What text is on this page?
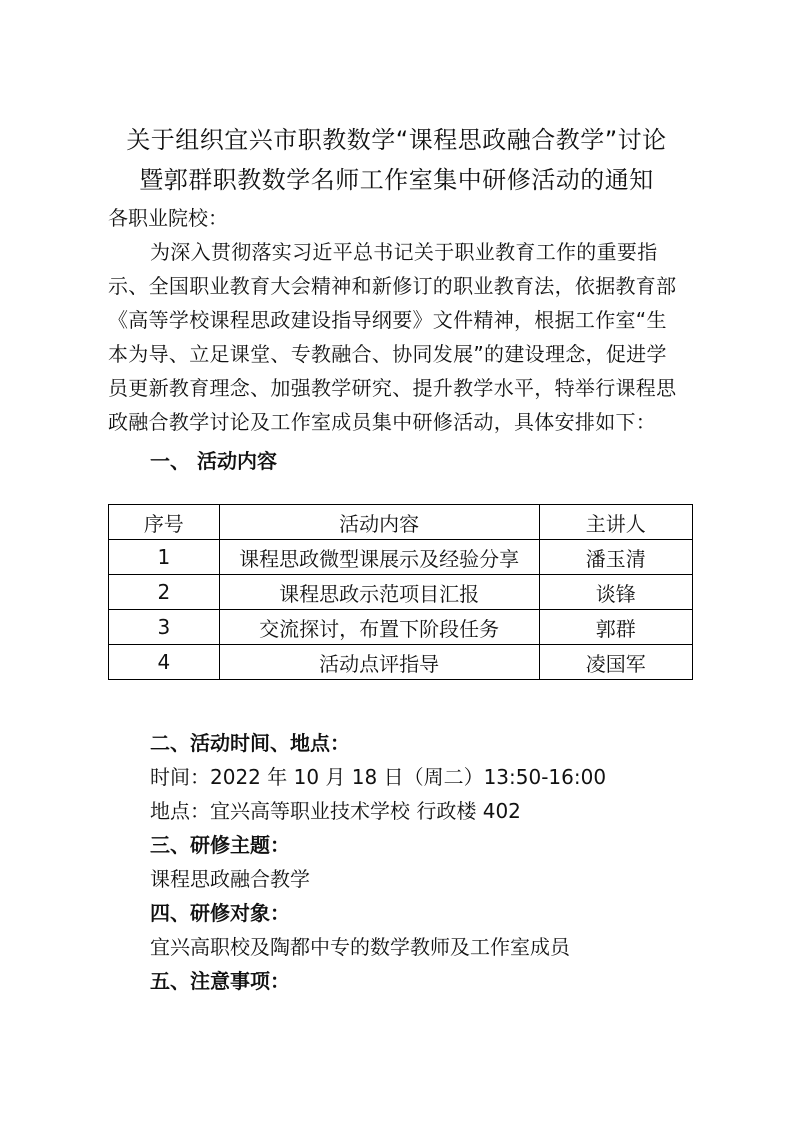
关于组织宜兴市职教数学“课程思政融合教学”讨论
暨郭群职教数学名师工作室集中研修活动的通知
各职业院校：
为深入贯彻落实习近平总书记关于职业教育工作的重要指
示、全国职业教育大会精神和新修订的职业教育法，依据教育部
《高等学校课程思政建设指导纲要》文件精神，根据工作室“生
本为导、立足课堂、专教融合、协同发展”的建设理念，促进学
员更新教育理念、加强教学研究、提升教学水平，特举行课程思
政融合教学讨论及工作室成员集中研修活动，具体安排如下：
一、 活动内容
序号	活动内容	主讲人
1	课程思政微型课展示及经验分享	潘玉清
2	课程思政示范项目汇报	谈锋
3	交流探讨，布置下阶段任务	郭群
4	活动点评指导	凌国军
二、活动时间、地点：
时间：2022 年 10 月 18 日（周二）13:50-16:00
地点：宜兴高等职业技术学校 行政楼 402
三、研修主题：
课程思政融合教学
四、研修对象：
宜兴高职校及陶都中专的数学教师及工作室成员
五、注意事项：
